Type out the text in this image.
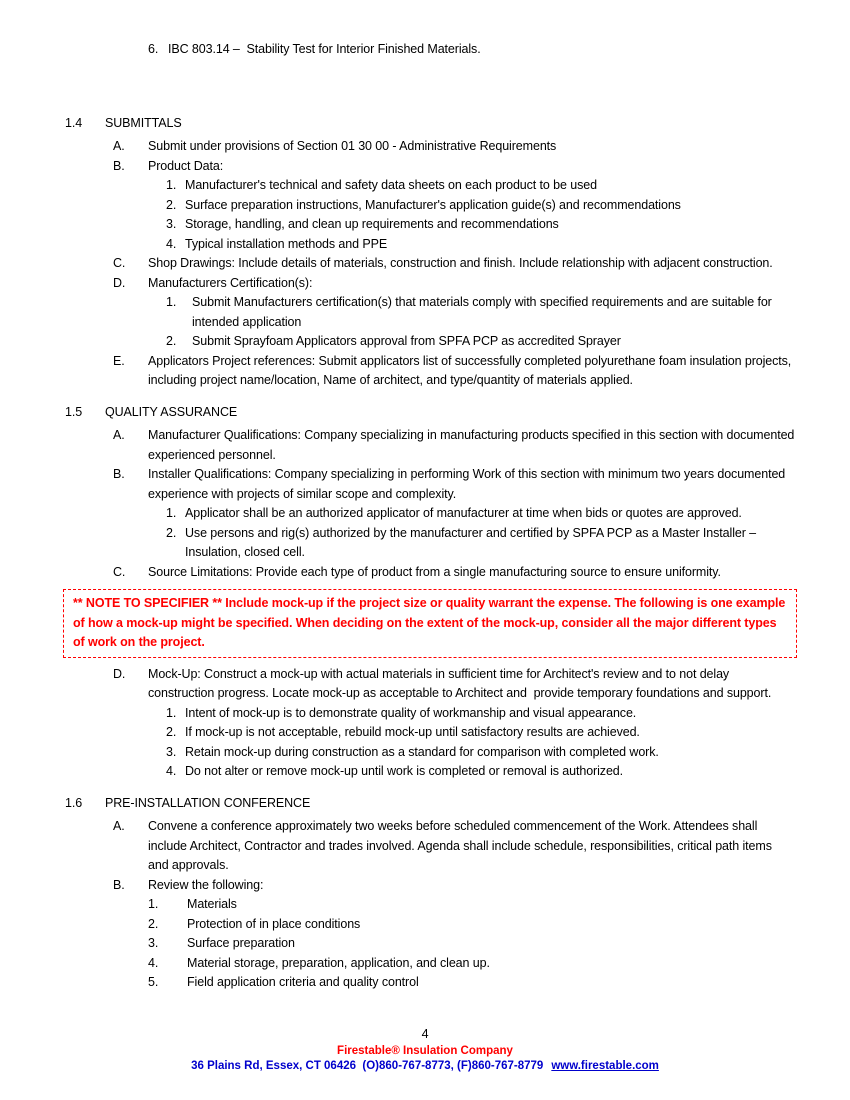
6. IBC 803.14 –  Stability Test for Interior Finished Materials.
1.4	SUBMITTALS
A.	Submit under provisions of Section 01 30 00 - Administrative Requirements
B.	Product Data:
1. Manufacturer's technical and safety data sheets on each product to be used
2. Surface preparation instructions, Manufacturer's application guide(s) and recommendations
3. Storage, handling, and clean up requirements and recommendations
4. Typical installation methods and PPE
C.	Shop Drawings: Include details of materials, construction and finish. Include relationship with adjacent construction.
D.	Manufacturers Certification(s):
1.	Submit Manufacturers certification(s) that materials comply with specified requirements and are suitable for intended application
2.	Submit Sprayfoam Applicators approval from SPFA PCP as accredited Sprayer
E.	Applicators Project references: Submit applicators list of successfully completed polyurethane foam insulation projects, including project name/location, Name of architect, and type/quantity of materials applied.
1.5	QUALITY ASSURANCE
A.	Manufacturer Qualifications: Company specializing in manufacturing products specified in this section with documented experienced personnel.
B.	Installer Qualifications: Company specializing in performing Work of this section with minimum two years documented experience with projects of similar scope and complexity.
1. Applicator shall be an authorized applicator of manufacturer at time when bids or quotes are approved.
2. Use persons and rig(s) authorized by the manufacturer and certified by SPFA PCP as a Master Installer – Insulation, closed cell.
C.	Source Limitations: Provide each type of product from a single manufacturing source to ensure uniformity.
** NOTE TO SPECIFIER ** Include mock-up if the project size or quality warrant the expense. The following is one example of how a mock-up might be specified. When deciding on the extent of the mock-up, consider all the major different types of work on the project.
D.	Mock-Up: Construct a mock-up with actual materials in sufficient time for Architect's review and to not delay construction progress. Locate mock-up as acceptable to Architect and  provide temporary foundations and support.
1. Intent of mock-up is to demonstrate quality of workmanship and visual appearance.
2. If mock-up is not acceptable, rebuild mock-up until satisfactory results are achieved.
3. Retain mock-up during construction as a standard for comparison with completed work.
4. Do not alter or remove mock-up until work is completed or removal is authorized.
1.6	PRE-INSTALLATION CONFERENCE
A.	Convene a conference approximately two weeks before scheduled commencement of the Work. Attendees shall include Architect, Contractor and trades involved. Agenda shall include schedule, responsibilities, critical path items and approvals.
B.	Review the following:
1.	Materials
2.	Protection of in place conditions
3.	Surface preparation
4.	Material storage, preparation, application, and clean up.
5.	Field application criteria and quality control
4
Firestable® Insulation Company
36 Plains Rd, Essex, CT 06426  (O)860-767-8773, (F)860-767-8779 www.firestable.com
